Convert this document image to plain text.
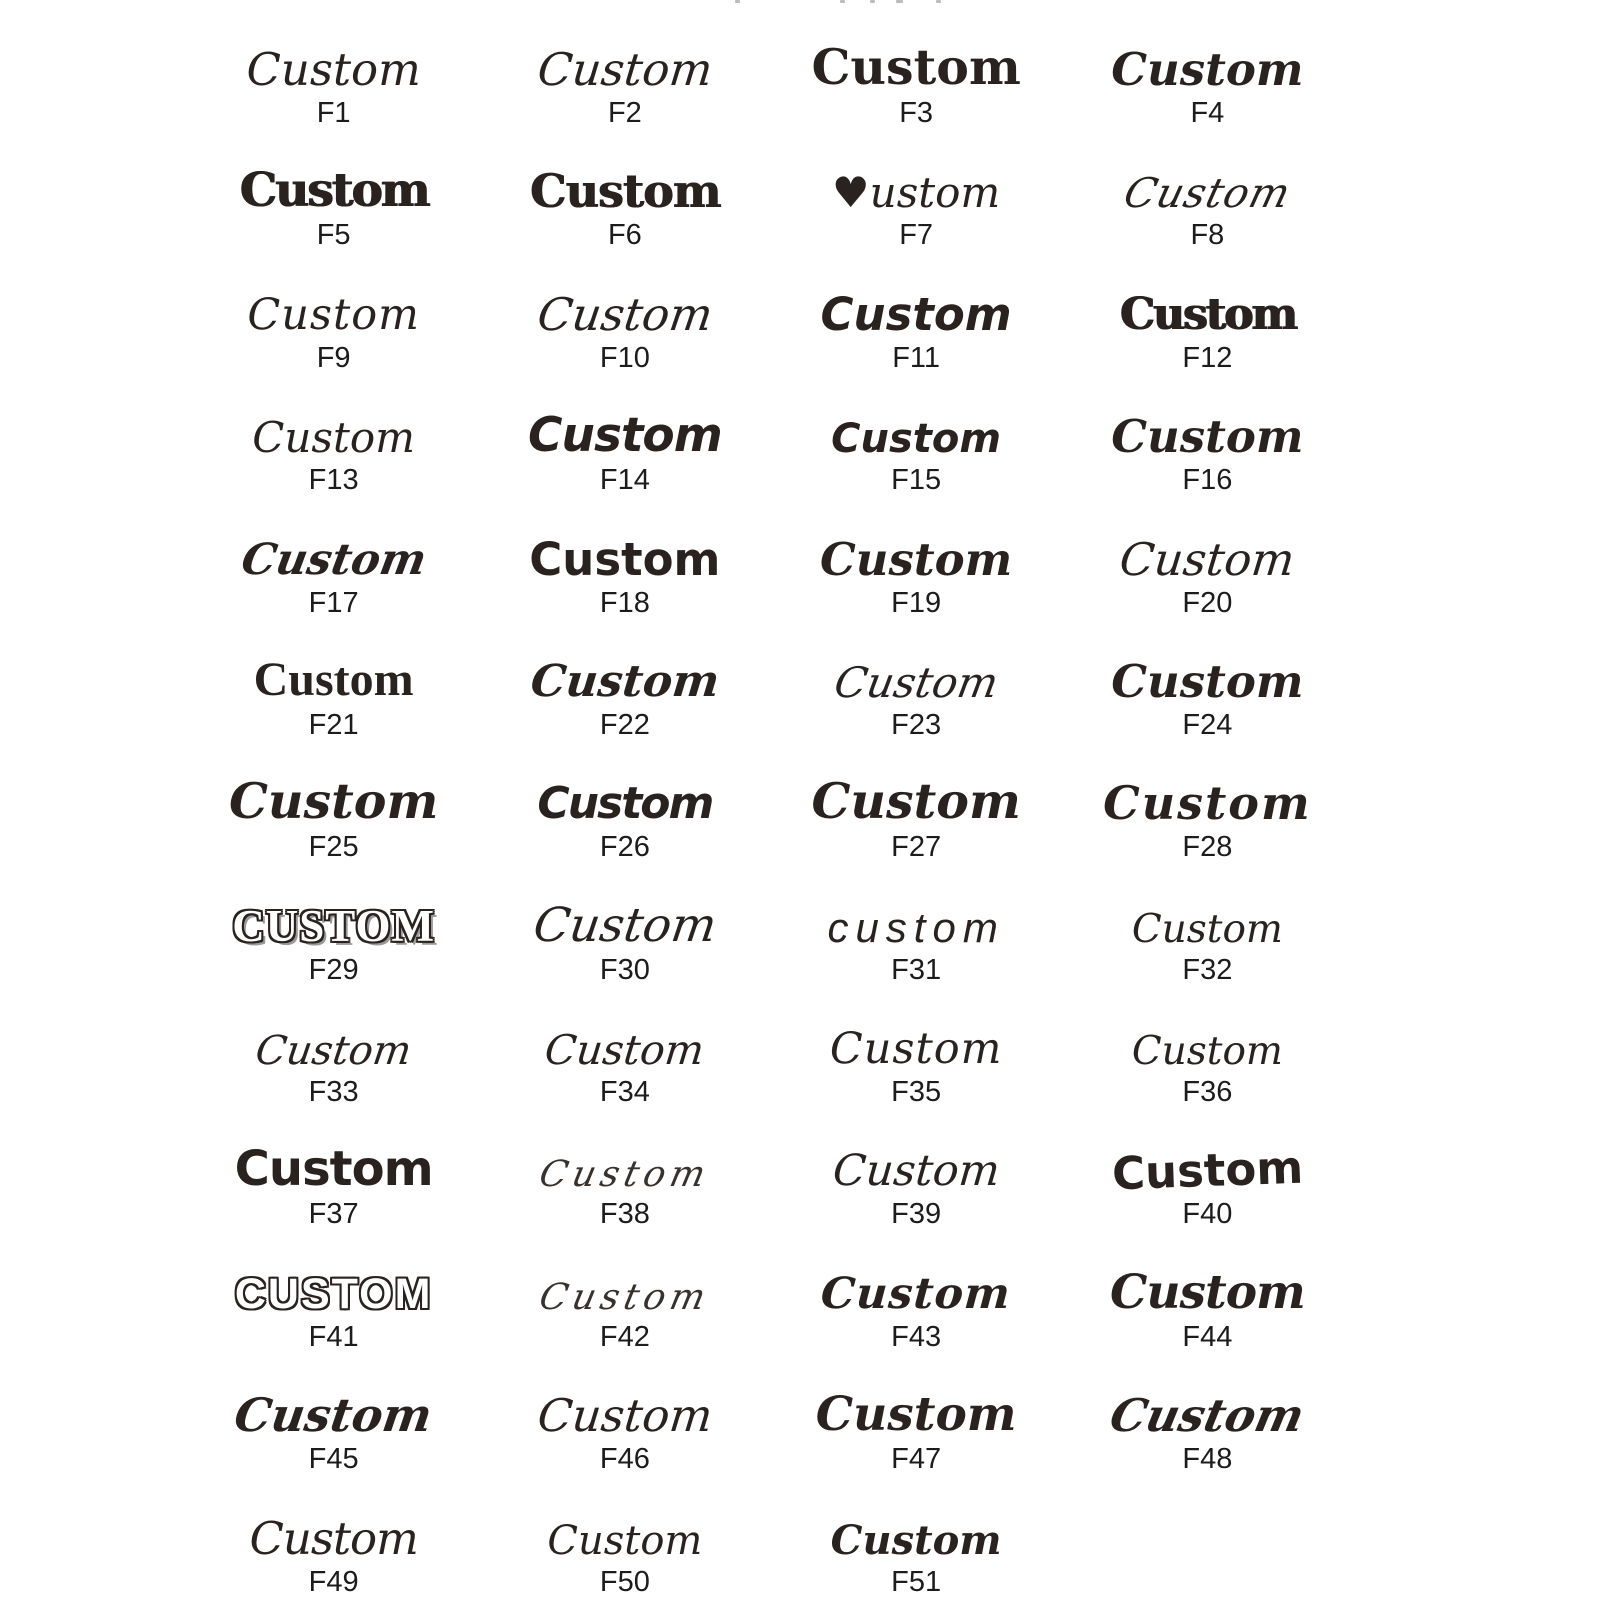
Custom
F1
Custom
F2
Custom
F3
Custom
F4
Custom
F5
Custom
F6
♥ustom
F7
Custom
F8
Custom
F9
Custom
F10
Custom
F11
Custom
F12
Custom
F13
Custom
F14
Custom
F15
Custom
F16
Custom
F17
Custom
F18
Custom
F19
Custom
F20
Custom
F21
Custom
F22
Custom
F23
Custom
F24
Custom
F25
Custom
F26
Custom
F27
Custom
F28
CUSTOM
F29
Custom
F30
custom
F31
Custom
F32
Custom
F33
Custom
F34
Custom
F35
Custom
F36
Custom
F37
Custom
F38
Custom
F39
Custom
F40
CUSTOM
F41
Custom
F42
Custom
F43
Custom
F44
Custom
F45
Custom
F46
Custom
F47
Custom
F48
Custom
F49
Custom
F50
Custom
F51
